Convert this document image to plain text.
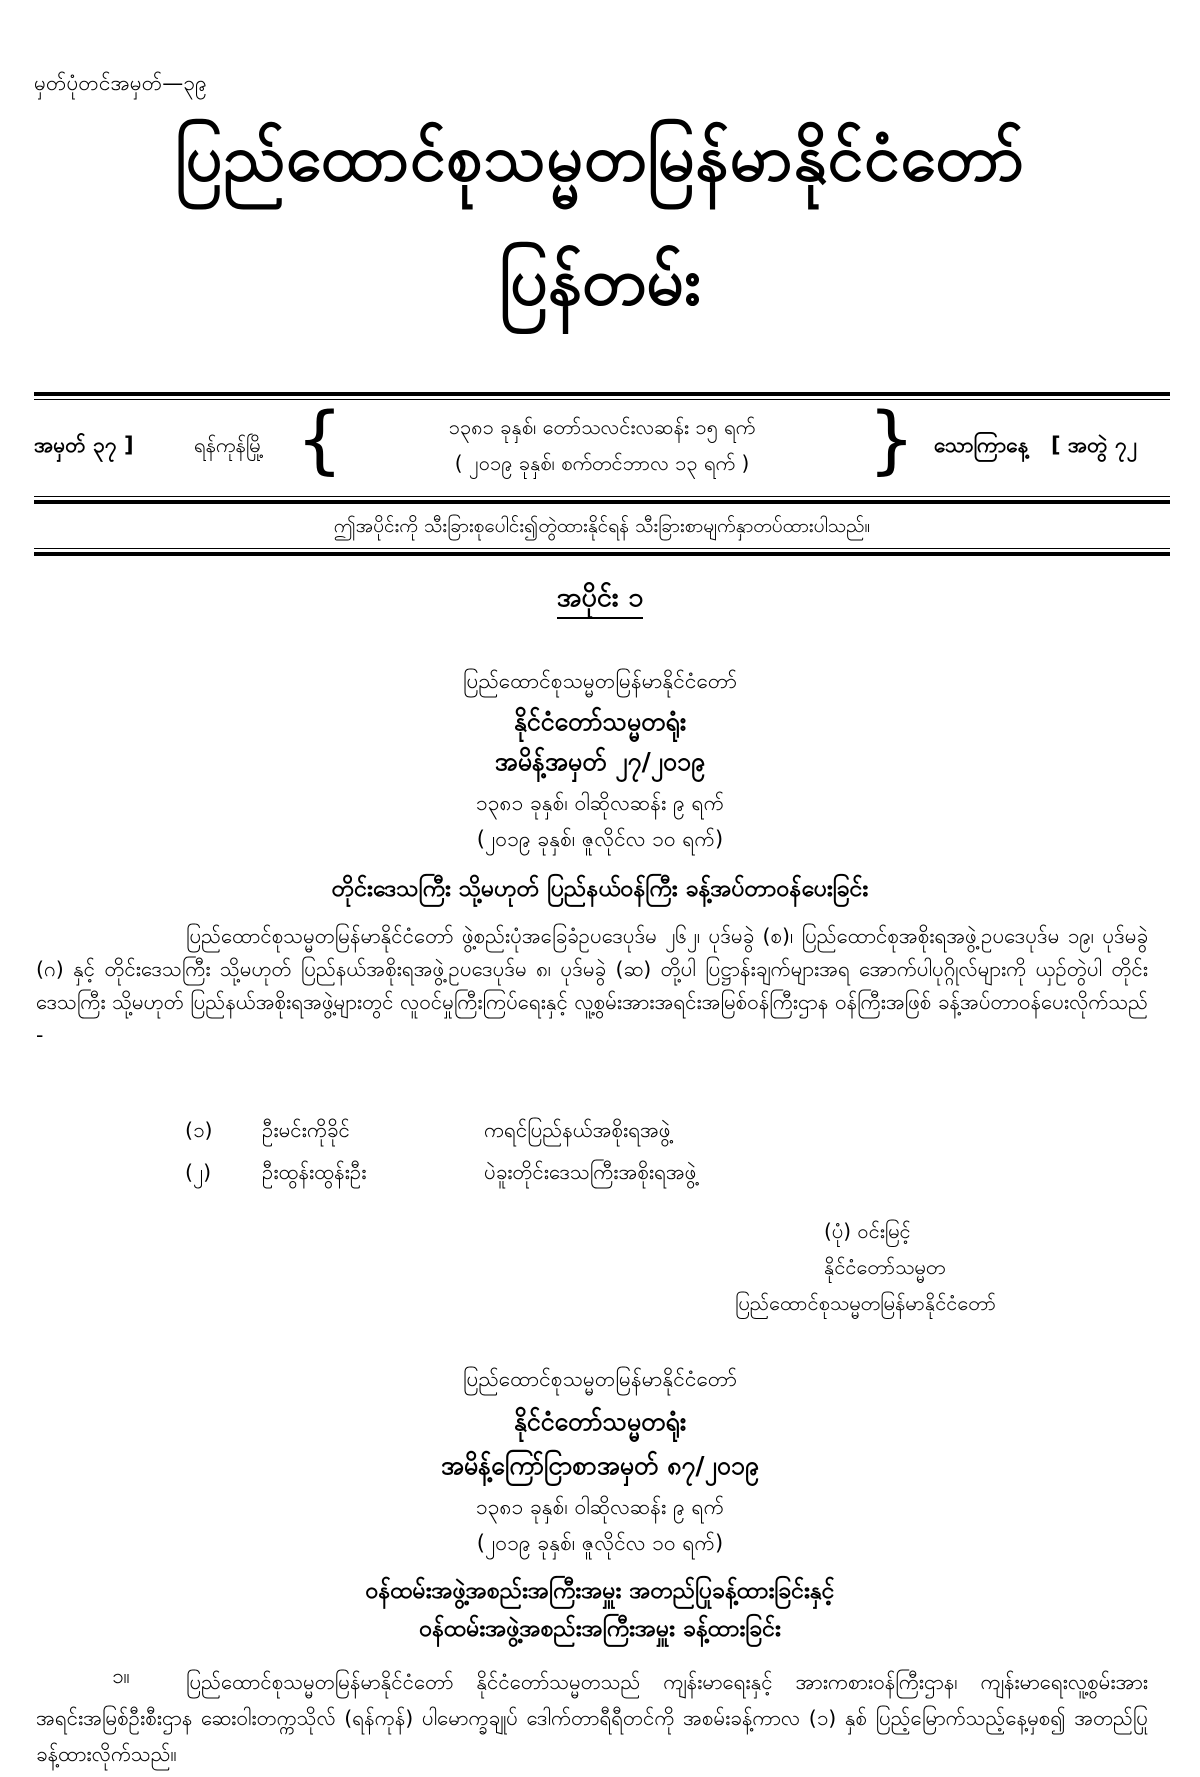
မှတ်ပုံတင်အမှတ်—၃၉
ပြည်ထောင်စုသမ္မတမြန်မာနိုင်ငံတော်
ပြန်တမ်း
အမှတ် ၃၇ ]	ရန်ကုန်မြို့ {	၁၃၈၁ ခုနှစ်၊ တော်သလင်းလဆန်း ၁၅ ရက်
( ၂၀၁၉ ခုနှစ်၊ စက်တင်ဘာလ ၁၃ ရက် )	} သောကြာနေ့ [ အတွဲ ၇၂
ဤအပိုင်းကို သီးခြားစုပေါင်း၍တွဲထားနိုင်ရန် သီးခြားစာမျက်နှာတပ်ထားပါသည်။
အပိုင်း ၁
ပြည်ထောင်စုသမ္မတမြန်မာနိုင်ငံတော်
နိုင်ငံတော်သမ္မတရုံး
အမိန့်အမှတ် ၂၇/၂၀၁၉
၁၃၈၁ ခုနှစ်၊ ဝါဆိုလဆန်း ၉ ရက်
(၂၀၁၉ ခုနှစ်၊ ဇူလိုင်လ ၁၀ ရက်)
တိုင်းဒေသကြီး သို့မဟုတ် ပြည်နယ်ဝန်ကြီး ခန့်အပ်တာဝန်ပေးခြင်း
ပြည်ထောင်စုသမ္မတမြန်မာနိုင်ငံတော် ဖွဲ့စည်းပုံအခြေခံဥပဒေပုဒ်မ ၂၆၂၊ ပုဒ်မခွဲ (စ)၊ ပြည်ထောင်စုအစိုးရအဖွဲ့ဥပဒေပုဒ်မ ၁၉၊ ပုဒ်မခွဲ (ဂ) နှင့် တိုင်းဒေသကြီး သို့မဟုတ် ပြည်နယ်အစိုးရအဖွဲ့ဥပဒေပုဒ်မ ၈၊ ပုဒ်မခွဲ (ဆ) တို့ပါ ပြဋ္ဌာန်းချက်များအရ အောက်ပါပုဂ္ဂိုလ်များကို ယှဉ်တွဲပါ တိုင်းဒေသကြီး သို့မဟုတ် ပြည်နယ်အစိုးရအဖွဲ့များတွင် လူဝင်မှုကြီးကြပ်ရေးနှင့် လူ့စွမ်းအားအရင်းအမြစ်ဝန်ကြီးဌာန ဝန်ကြီးအဖြစ် ခန့်အပ်တာဝန်ပေးလိုက်သည် -
(၁) ဦးမင်းကိုခိုင်	ကရင်ပြည်နယ်အစိုးရအဖွဲ့
(၂) ဦးထွန်းထွန်းဦး	ပဲခူးတိုင်းဒေသကြီးအစိုးရအဖွဲ့
(ပုံ) ဝင်းမြင့်
နိုင်ငံတော်သမ္မတ
ပြည်ထောင်စုသမ္မတမြန်မာနိုင်ငံတော်
ပြည်ထောင်စုသမ္မတမြန်မာနိုင်ငံတော်
နိုင်ငံတော်သမ္မတရုံး
အမိန့်ကြော်ငြာစာအမှတ် ၈၇/၂၀၁၉
၁၃၈၁ ခုနှစ်၊ ဝါဆိုလဆန်း ၉ ရက်
(၂၀၁၉ ခုနှစ်၊ ဇူလိုင်လ ၁၀ ရက်)
ဝန်ထမ်းအဖွဲ့အစည်းအကြီးအမှူး အတည်ပြုခန့်ထားခြင်းနှင့်
ဝန်ထမ်းအဖွဲ့အစည်းအကြီးအမှူး ခန့်ထားခြင်း
၁။	ပြည်ထောင်စုသမ္မတမြန်မာနိုင်ငံတော် နိုင်ငံတော်သမ္မတသည် ကျန်းမာရေးနှင့် အားကစားဝန်ကြီးဌာန၊ ကျန်းမာရေးလူ့စွမ်းအားအရင်းအမြစ်ဦးစီးဌာန ဆေးဝါးတက္ကသိုလ် (ရန်ကုန်) ပါမောက္ခချုပ် ဒေါက်တာရီရီတင်ကို အစမ်းခန့်ကာလ (၁) နှစ် ပြည့်မြောက်သည့်နေ့မှစ၍ အတည်ပြုခန့်ထားလိုက်သည်။
